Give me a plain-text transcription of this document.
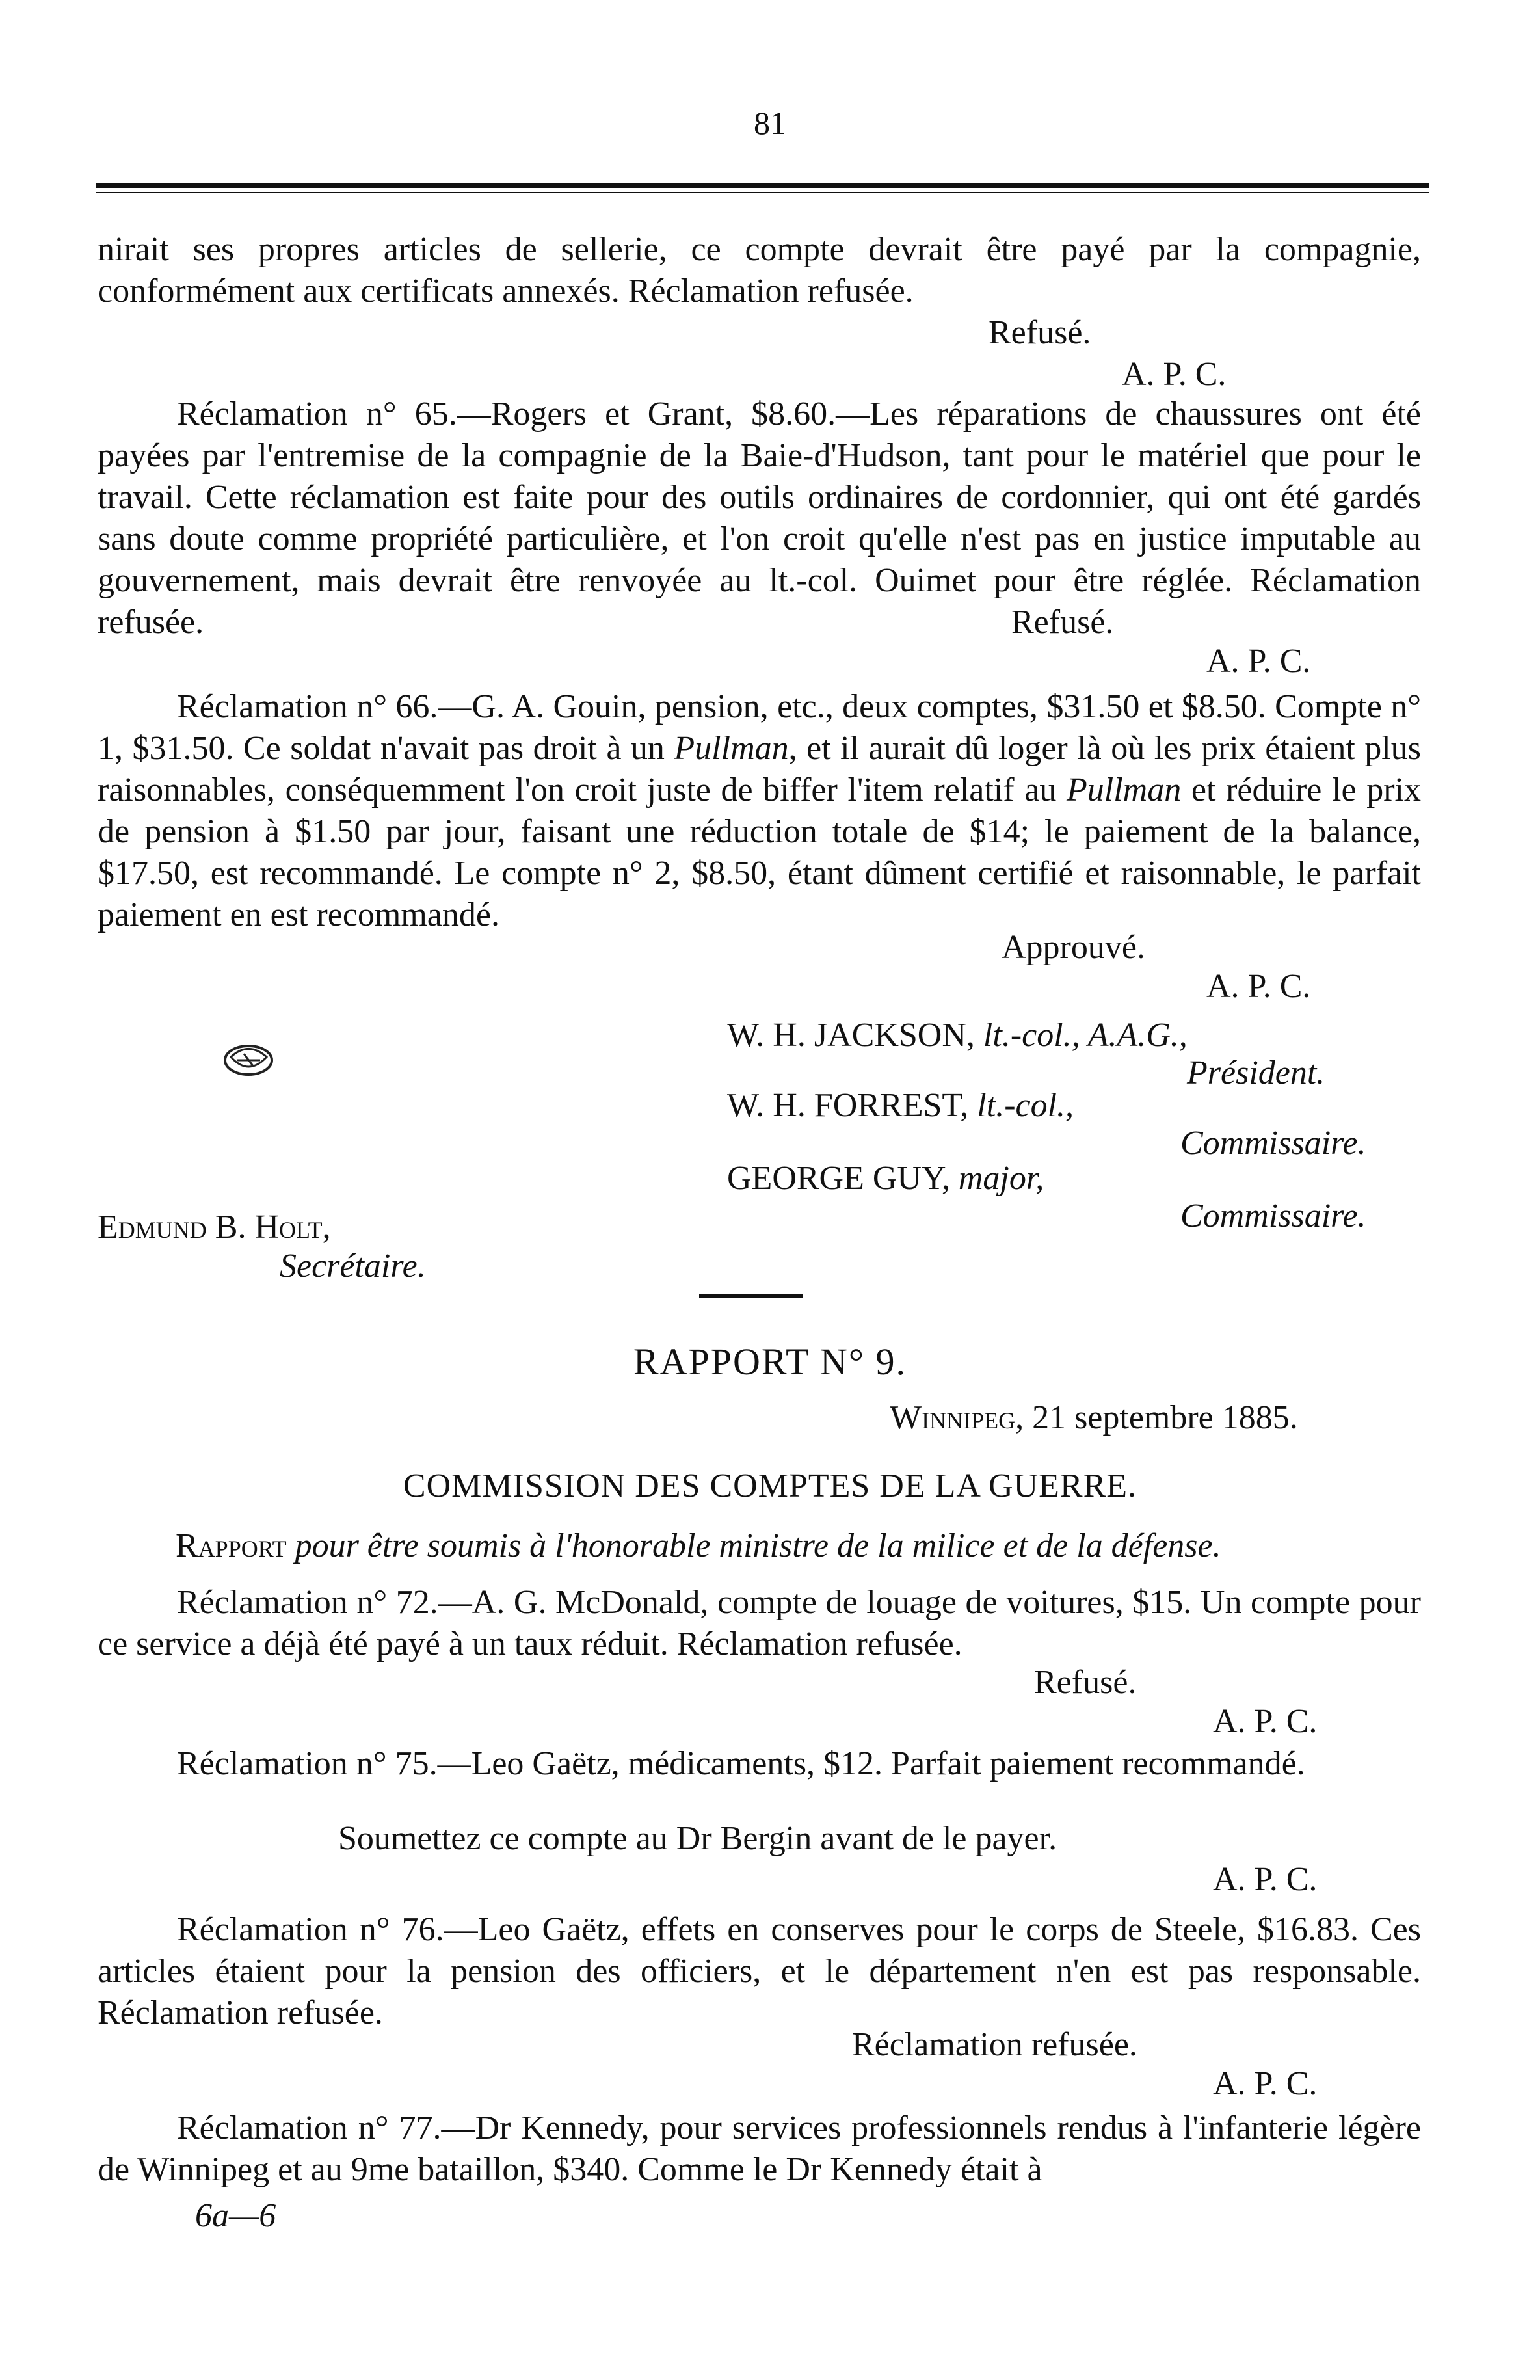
81
nirait ses propres articles de sellerie, ce compte devrait être payé par la compagnie, conformément aux certificats annexés. Réclamation refusée.
Refusé.
A. P. C.
Réclamation n° 65.—Rogers et Grant, $8.60.—Les réparations de chaussures ont été payées par l'entremise de la compagnie de la Baie-d'Hudson, tant pour le matériel que pour le travail. Cette réclamation est faite pour des outils ordinaires de cordonnier, qui ont été gardés sans doute comme propriété particulière, et l'on croit qu'elle n'est pas en justice imputable au gouvernement, mais devrait être renvoyée au lt.-col. Ouimet pour être réglée. Réclamation refusée.	Refusé.
A. P. C.
Réclamation n° 66.—G. A. Gouin, pension, etc., deux comptes, $31.50 et $8.50. Compte n° 1, $31.50. Ce soldat n'avait pas droit à un Pullman, et il aurait dû loger là où les prix étaient plus raisonnables, conséquemment l'on croit juste de biffer l'item relatif au Pullman et réduire le prix de pension à $1.50 par jour, faisant une réduction totale de $14; le paiement de la balance, $17.50, est recommandé. Le compte n° 2, $8.50, étant dûment certifié et raisonnable, le parfait paiement en est recommandé.
Approuvé.
A. P. C.
W. H. JACKSON, lt.-col., A.A.G.,
Président.
W. H. FORREST, lt.-col.,
Commissaire.
GEORGE GUY, major,
Commissaire.
Edmund B. Holt,
Secrétaire.
RAPPORT N° 9.
Winnipeg, 21 septembre 1885.
COMMISSION DES COMPTES DE LA GUERRE.
Rapport pour être soumis à l'honorable ministre de la milice et de la défense.
Réclamation n° 72.—A. G. McDonald, compte de louage de voitures, $15. Un compte pour ce service a déjà été payé à un taux réduit. Réclamation refusée.
Refusé.
A. P. C.
Réclamation n° 75.—Leo Gaëtz, médicaments, $12. Parfait paiement recommandé.
Soumettez ce compte au Dr Bergin avant de le payer.
A. P. C.
Réclamation n° 76.—Leo Gaëtz, effets en conserves pour le corps de Steele, $16.83. Ces articles étaient pour la pension des officiers, et le département n'en est pas responsable. Réclamation refusée.
Réclamation refusée.
A. P. C.
Réclamation n° 77.—Dr Kennedy, pour services professionnels rendus à l'infanterie légère de Winnipeg et au 9me bataillon, $340. Comme le Dr Kennedy était à
6a—6
